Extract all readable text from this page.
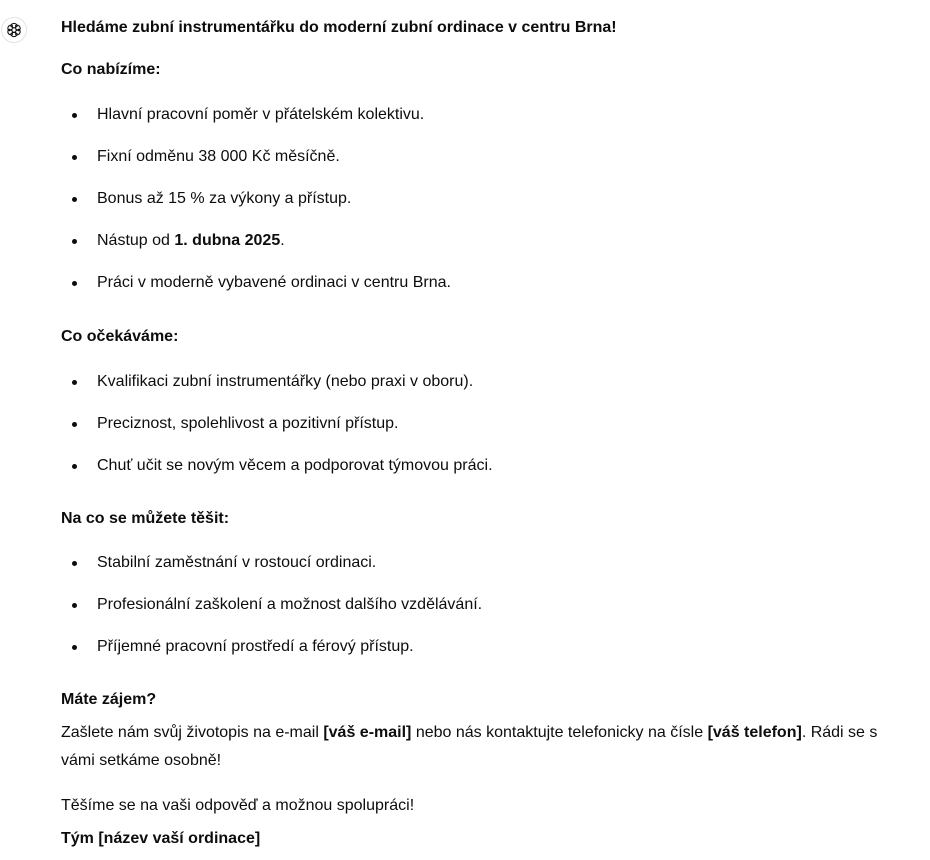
Hledáme zubní instrumentářku do moderní zubní ordinace v centru Brna!
Co nabízíme:
Hlavní pracovní poměr v přátelském kolektivu.
Fixní odměnu 38 000 Kč měsíčně.
Bonus až 15 % za výkony a přístup.
Nástup od 1. dubna 2025.
Práci v moderně vybavené ordinaci v centru Brna.
Co očekáváme:
Kvalifikaci zubní instrumentářky (nebo praxi v oboru).
Preciznost, spolehlivost a pozitivní přístup.
Chuť učit se novým věcem a podporovat týmovou práci.
Na co se můžete těšit:
Stabilní zaměstnání v rostoucí ordinaci.
Profesionální zaškolení a možnost dalšího vzdělávání.
Příjemné pracovní prostředí a férový přístup.
Máte zájem?

Zašlete nám svůj životopis na e-mail [váš e-mail] nebo nás kontaktujte telefonicky na čísle [váš telefon]. Rádi se s vámi setkáme osobně!

Těšíme se na vaši odpověď a možnou spolupráci!

Tým [název vaší ordinace]
